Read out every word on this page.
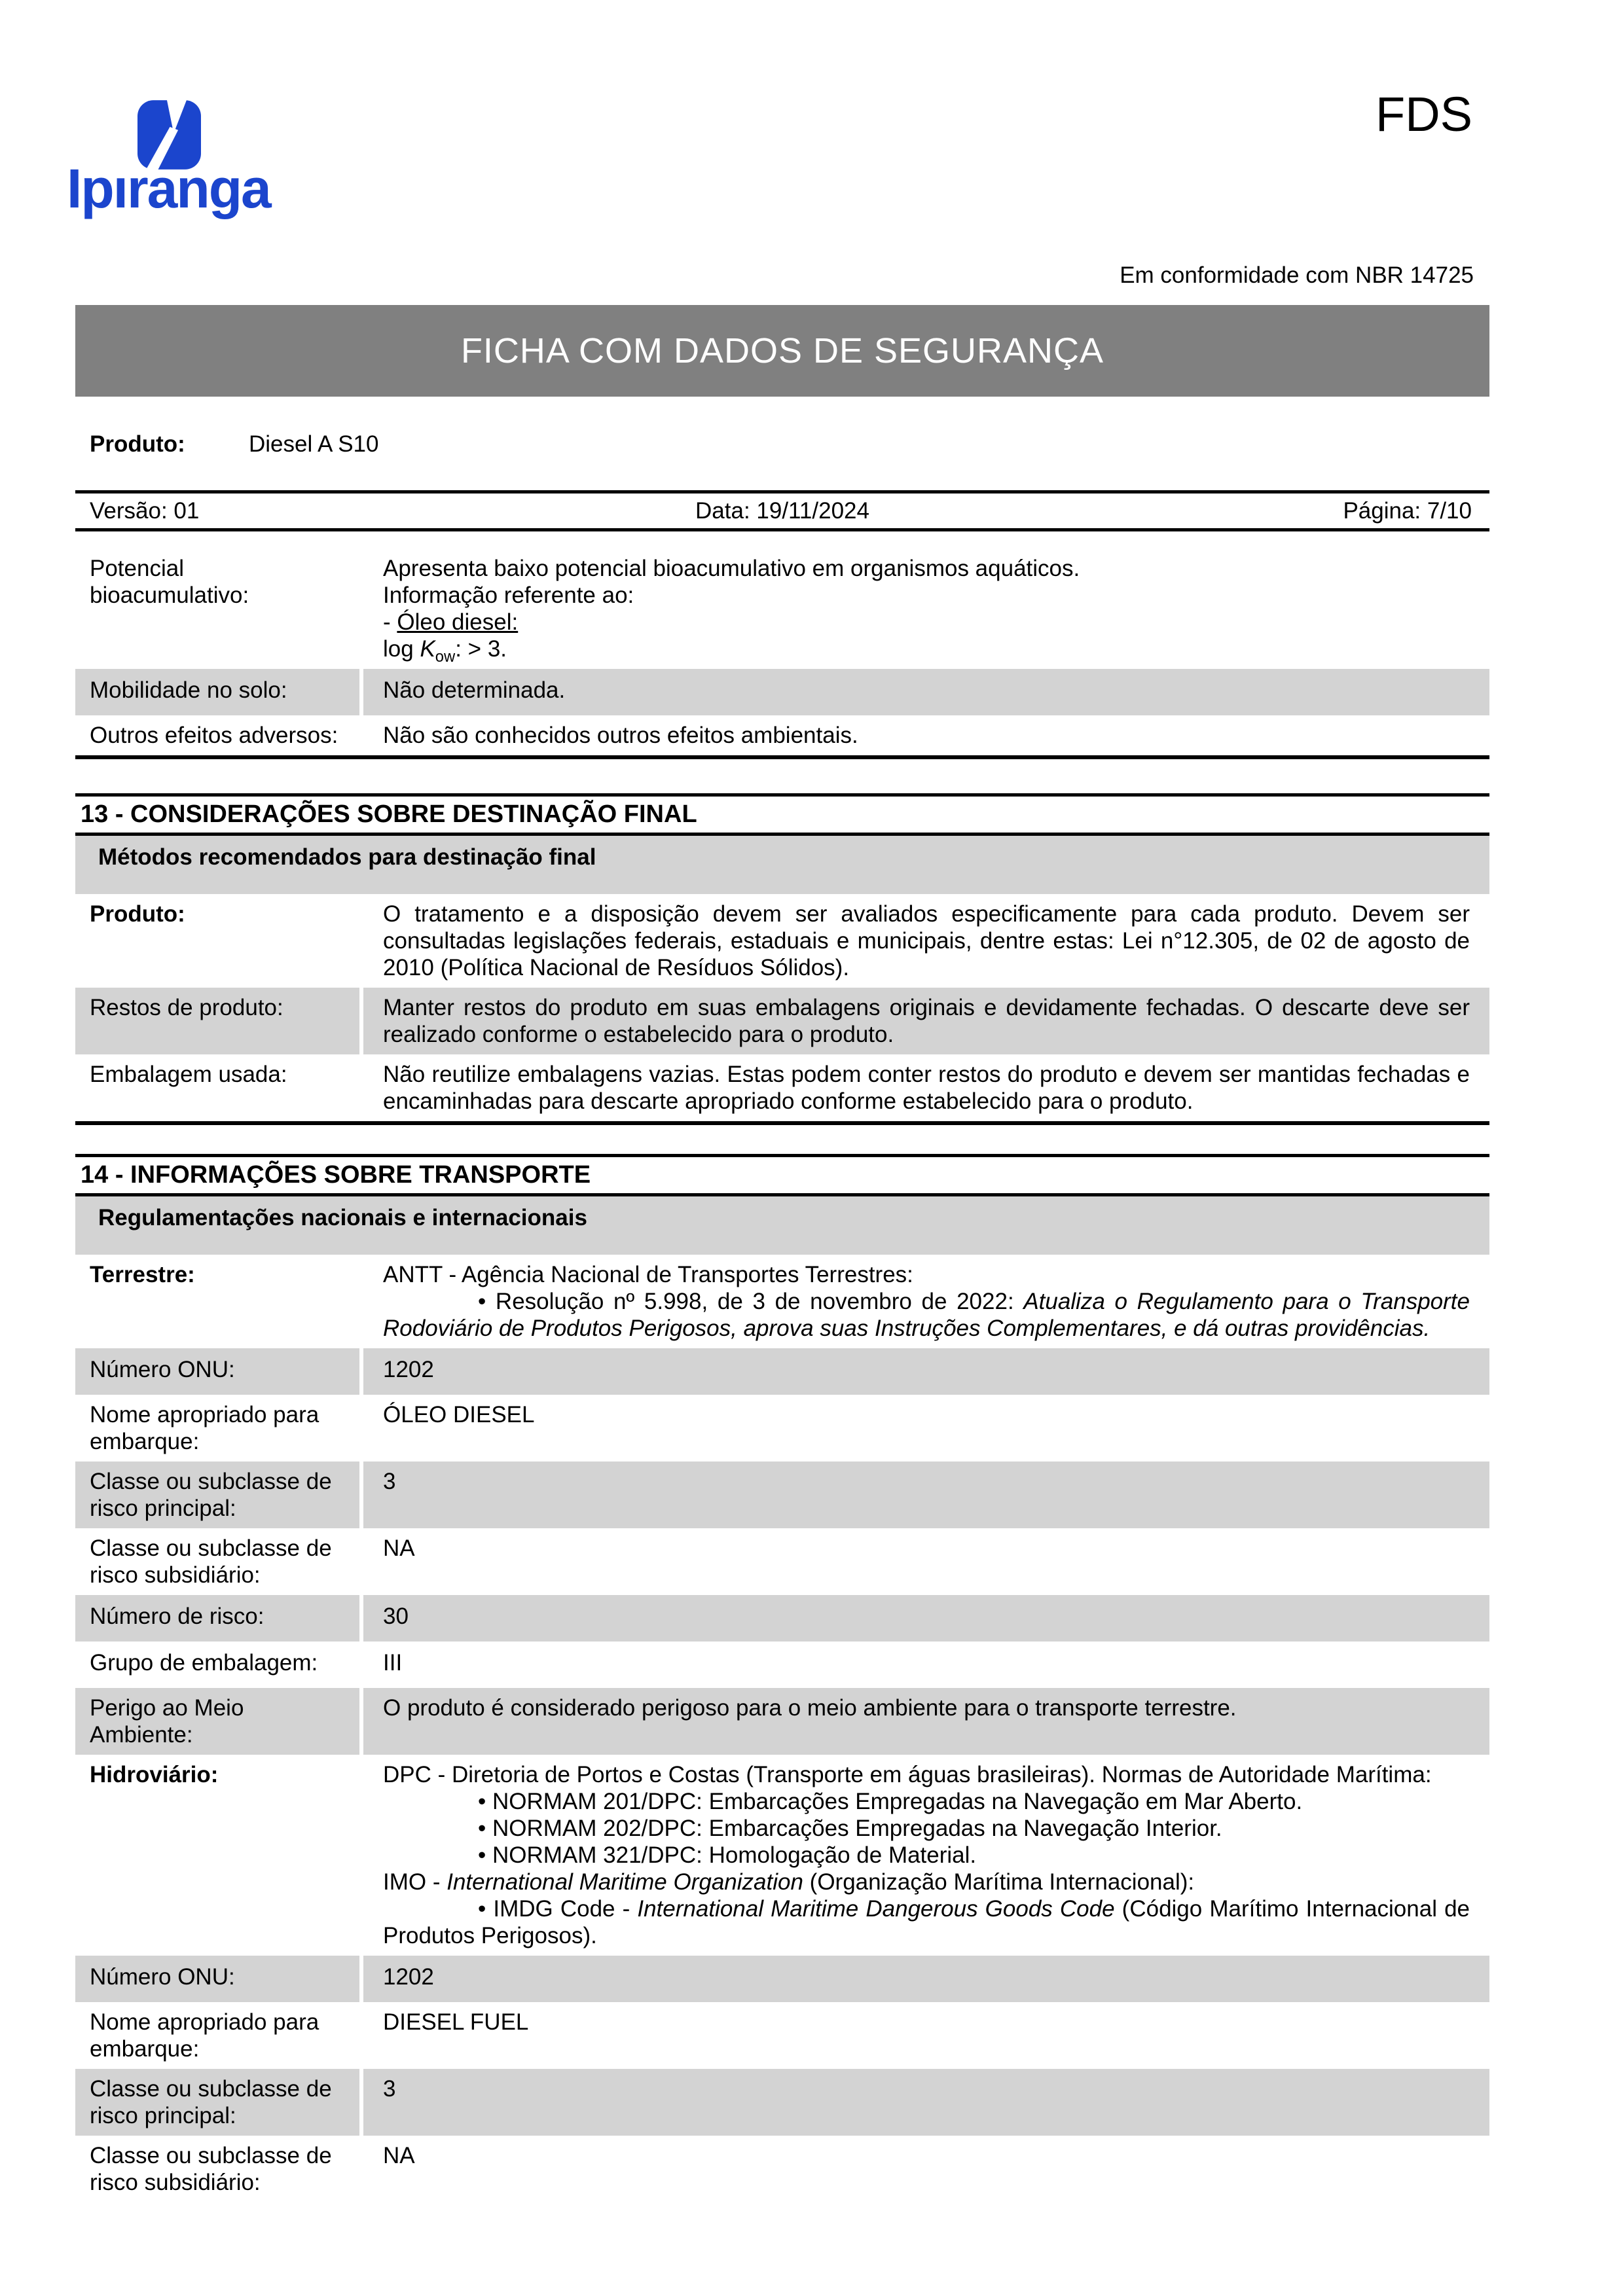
Ipıranga
FDS
Em conformidade com NBR 14725
FICHA COM DADOS DE SEGURANÇA
Produto:	Diesel A S10
Versão: 01	Data: 19/11/2024	Página: 7/10
Potencial bioacumulativo:
Apresenta baixo potencial bioacumulativo em organismos aquáticos.
Informação referente ao:
- Óleo diesel:
$\log K_{ow}$: > 3.
Mobilidade no solo:	Não determinada.
Outros efeitos adversos:	Não são conhecidos outros efeitos ambientais.
13 - CONSIDERAÇÕES SOBRE DESTINAÇÃO FINAL
Métodos recomendados para destinação final
Produto:	O tratamento e a disposição devem ser avaliados especificamente para cada produto. Devem ser consultadas legislações federais, estaduais e municipais, dentre estas: Lei n°12.305, de 02 de agosto de 2010 (Política Nacional de Resíduos Sólidos).
Restos de produto:	Manter restos do produto em suas embalagens originais e devidamente fechadas. O descarte deve ser realizado conforme o estabelecido para o produto.
Embalagem usada:	Não reutilize embalagens vazias. Estas podem conter restos do produto e devem ser mantidas fechadas e encaminhadas para descarte apropriado conforme estabelecido para o produto.
14 - INFORMAÇÕES SOBRE TRANSPORTE
Regulamentações nacionais e internacionais
Terrestre:	ANTT - Agência Nacional de Transportes Terrestres:
• Resolução nº 5.998, de 3 de novembro de 2022: Atualiza o Regulamento para o Transporte Rodoviário de Produtos Perigosos, aprova suas Instruções Complementares, e dá outras providências.
Número ONU:	1202
Nome apropriado para embarque:
ÓLEO DIESEL
Classe ou subclasse de risco principal:
3
Classe ou subclasse de risco subsidiário:
NA
Número de risco:	30
Grupo de embalagem:	III
Perigo ao Meio Ambiente:
O produto é considerado perigoso para o meio ambiente para o transporte terrestre.
Hidroviário:	DPC - Diretoria de Portos e Costas (Transporte em águas brasileiras). Normas de Autoridade Marítima:
• NORMAM 201/DPC: Embarcações Empregadas na Navegação em Mar Aberto.
• NORMAM 202/DPC: Embarcações Empregadas na Navegação Interior.
• NORMAM 321/DPC: Homologação de Material.
IMO - International Maritime Organization (Organização Marítima Internacional):
• IMDG Code - International Maritime Dangerous Goods Code (Código Marítimo Internacional de Produtos Perigosos).
Número ONU:	1202
Nome apropriado para embarque:
DIESEL FUEL
Classe ou subclasse de risco principal:
3
Classe ou subclasse de risco subsidiário:
NA
